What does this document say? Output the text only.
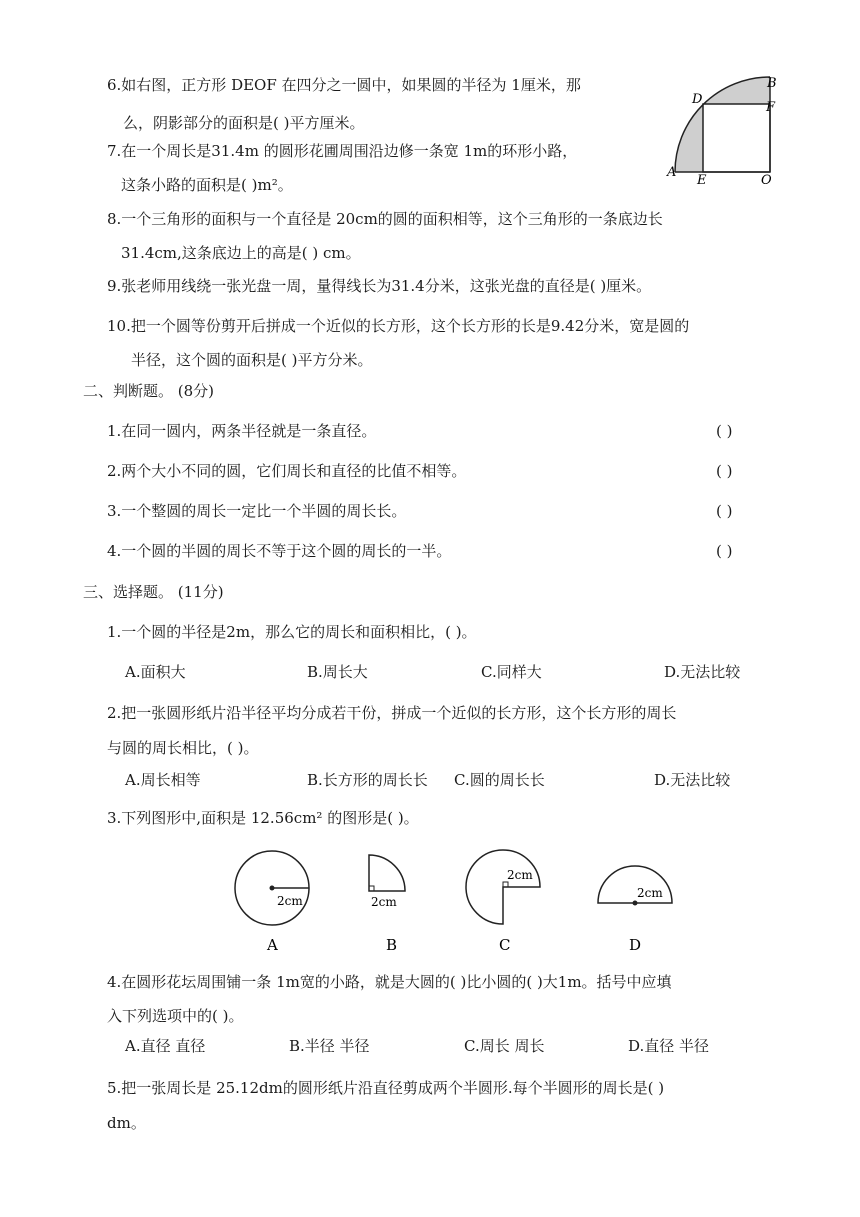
6.如右图，正方形 DEOF 在四分之一圆中，如果圆的半径为 1厘米，那
么，阴影部分的面积是( )平方厘米。
7.在一个周长是31.4m 的圆形花圃周围沿边修一条宽 1m的环形小路，
这条小路的面积是( )m²。
8.一个三角形的面积与一个直径是 20cm的圆的面积相等，这个三角形的一条底边长
31.4cm,这条底边上的高是( ) cm。
9.张老师用线绕一张光盘一周，量得线长为31.4分米，这张光盘的直径是( )厘米。
10.把一个圆等份剪开后拼成一个近似的长方形，这个长方形的长是9.42分米，宽是圆的
半径，这个圆的面积是( )平方分米。
B
D
F
A
E	O
二、判断题。 (8分)
1.在同一圆内，两条半径就是一条直径。	( )
2.两个大小不同的圆，它们周长和直径的比值不相等。	( )
3.一个整圆的周长一定比一个半圆的周长长。	( )
4.一个圆的半圆的周长不等于这个圆的周长的一半。	( )
三、选择题。 (11分)
1.一个圆的半径是2m，那么它的周长和面积相比，( )。
A.面积大	B.周长大	C.同样大	D.无法比较
2.把一张圆形纸片沿半径平均分成若干份，拼成一个近似的长方形，这个长方形的周长
与圆的周长相比，( )。
A.周长相等	B.长方形的周长长 C.圆的周长长	D.无法比较
3.下列图形中,面积是 12.56cm² 的图形是( )。
2cm	2cm
2cm
2cm
A	B	C	D
4.在圆形花坛周围铺一条 1m宽的小路，就是大圆的( )比小圆的( )大1m。括号中应填
入下列选项中的( )。
A.直径 直径	B.半径 半径	C.周长 周长	D.直径 半径
5.把一张周长是 25.12dm的圆形纸片沿直径剪成两个半圆形.每个半圆形的周长是( )
dm。
